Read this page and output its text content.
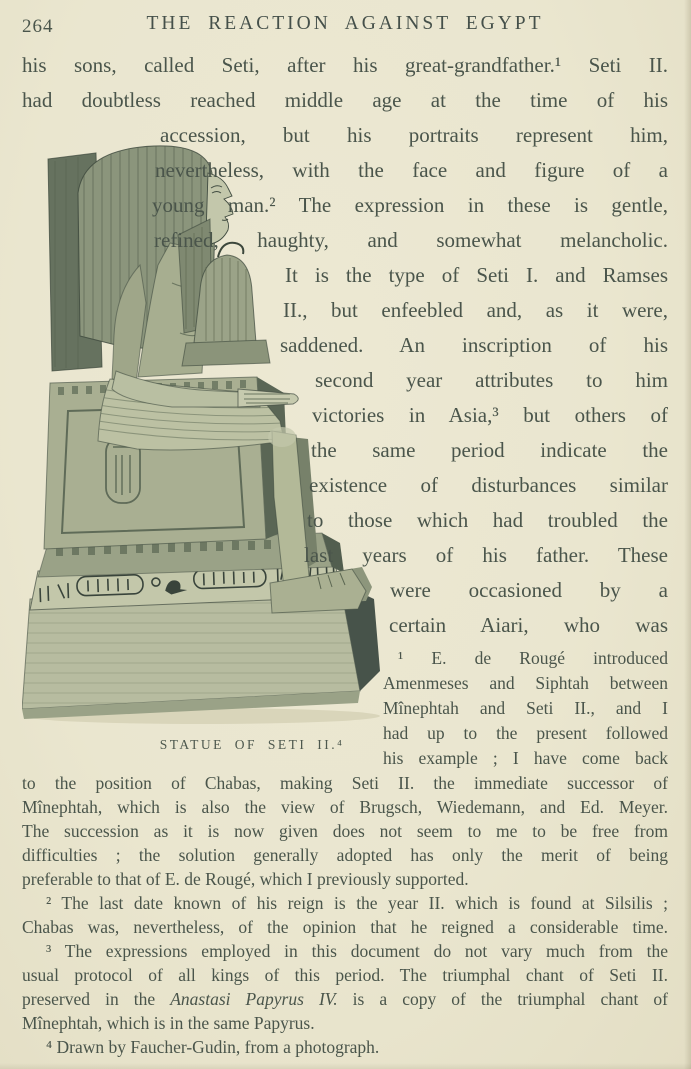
264	THE REACTION AGAINST EGYPT
STATUE OF SETI II.⁴
his sons, called Seti, after his great-grandfather.¹ Seti II.
had doubtless reached middle age at the time of his
accession, but his portraits represent him,
nevertheless, with the face and figure of a
young man.² The expression in these is gentle,
refined, haughty, and somewhat melancholic.
It is the type of Seti I. and Ramses
II., but enfeebled and, as it were,
saddened. An inscription of his
second year attributes to him
victories in Asia,³ but others of
the same period indicate the
existence of disturbances similar
to those which had troubled the
last years of his father. These
were occasioned by a
certain Aiari, who was
¹ E. de Rougé introduced
Amenmeses and Siphtah between
Mînephtah and Seti II., and I
had up to the present followed
his example ; I have come back
to the position of Chabas, making Seti II. the immediate successor of
Mînephtah, which is also the view of Brugsch, Wiedemann, and Ed. Meyer.
The succession as it is now given does not seem to me to be free from
difficulties ; the solution generally adopted has only the merit of being
preferable to that of E. de Rougé, which I previously supported.
² The last date known of his reign is the year II. which is found at Silsilis ;
Chabas was, nevertheless, of the opinion that he reigned a considerable time.
³ The expressions employed in this document do not vary much from the
usual protocol of all kings of this period. The triumphal chant of Seti II.
preserved in the Anastasi Papyrus IV. is a copy of the triumphal chant of
Mînephtah, which is in the same Papyrus.
⁴ Drawn by Faucher-Gudin, from a photograph.
